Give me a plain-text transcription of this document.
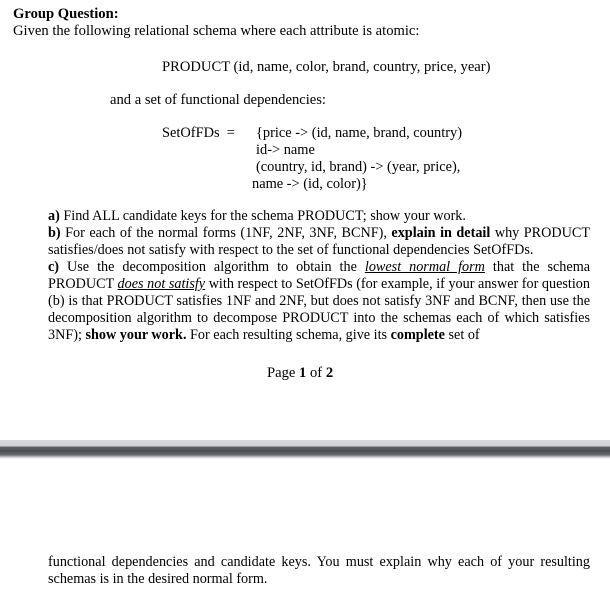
Group Question:
Given the following relational schema where each attribute is atomic:
PRODUCT (id, name, color, brand, country, price, year)
and a set of functional dependencies:
SetOfFDs  = {price -> (id, name, brand, country)
id-> name
(country, id, brand) -> (year, price),
name -> (id, color)}
a) Find ALL candidate keys for the schema PRODUCT; show your work.
b) For each of the normal forms (1NF, 2NF, 3NF, BCNF), explain in detail why PRODUCT satisfies/does not satisfy with respect to the set of functional dependencies SetOfFDs.
c) Use the decomposition algorithm to obtain the lowest normal form that the schema PRODUCT does not satisfy with respect to SetOfFDs (for example, if your answer for question (b) is that PRODUCT satisfies 1NF and 2NF, but does not satisfy 3NF and BCNF, then use the decomposition algorithm to decompose PRODUCT into the schemas each of which satisfies 3NF); show your work. For each resulting schema, give its complete set of
Page 1 of 2
functional dependencies and candidate keys. You must explain why each of your resulting schemas is in the desired normal form.
